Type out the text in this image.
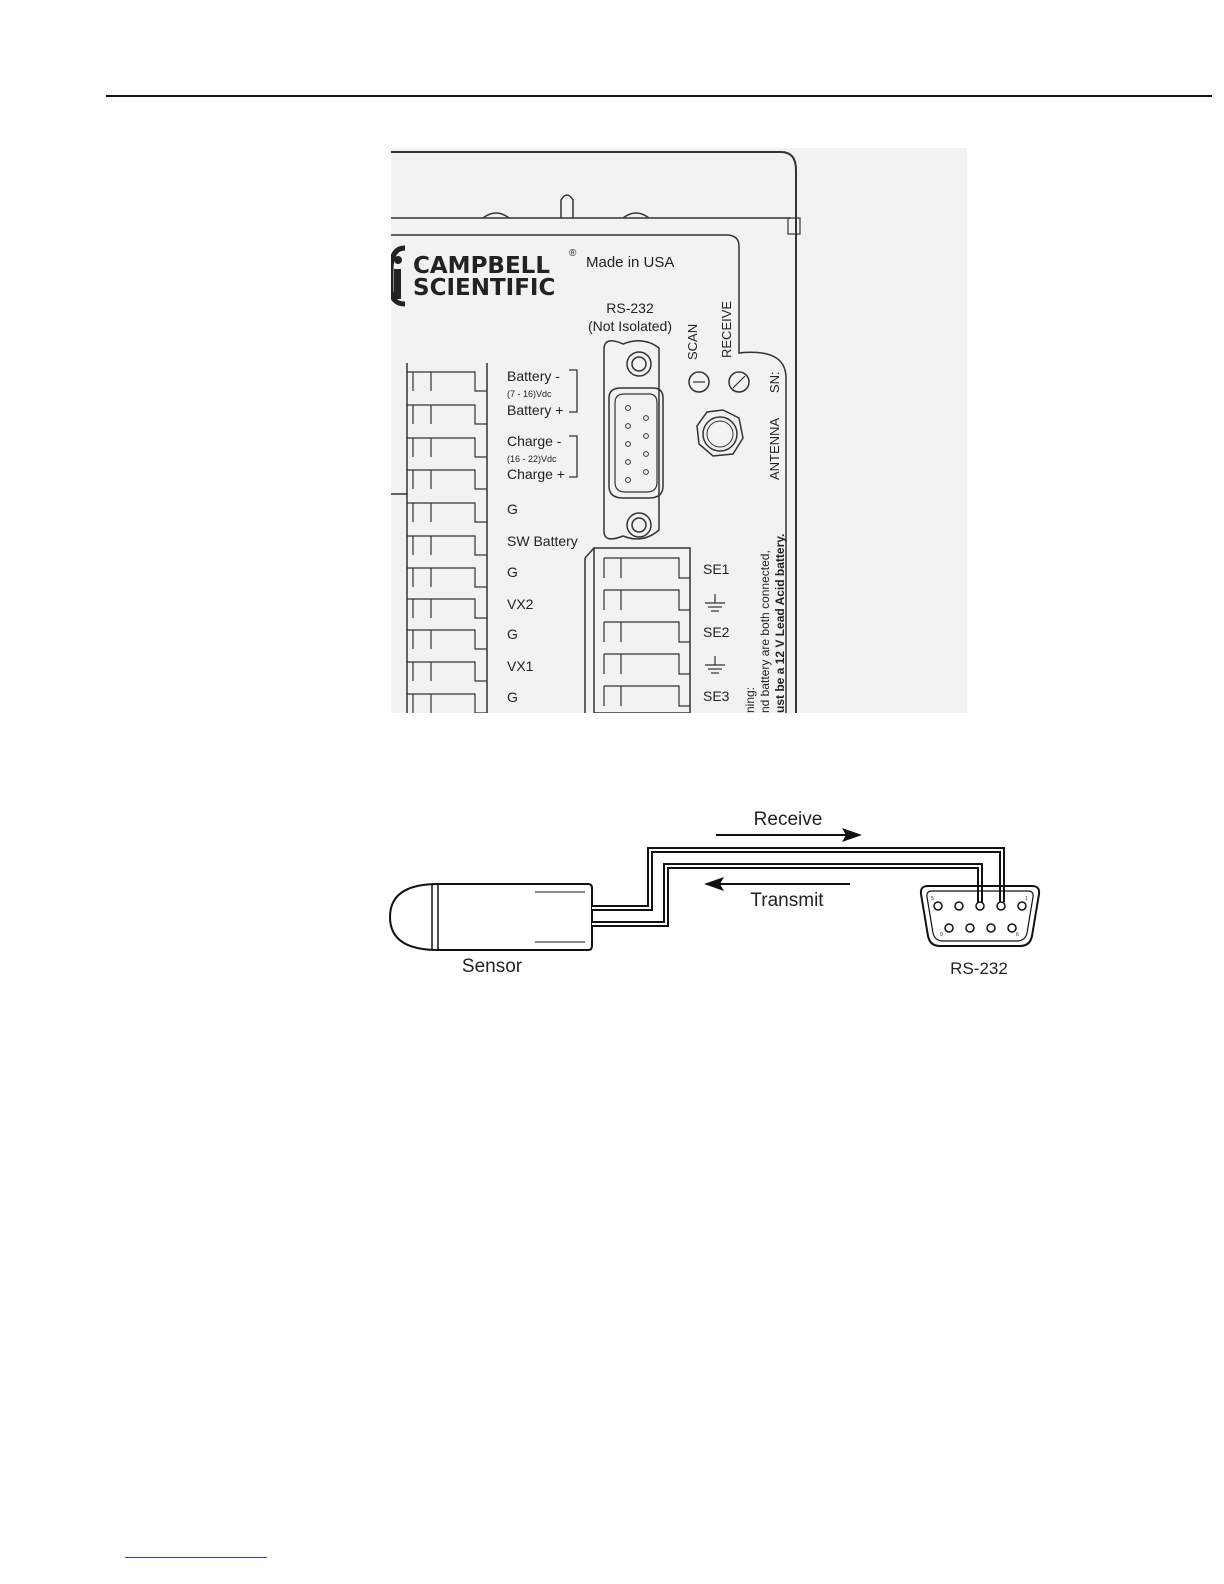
CAMPBELL
SCIENTIFIC
®
Made in USA
RS-232
(Not Isolated) SCAN RECEIVE
SN:
ANTENNA
Battery -
(7 - 16)Vdc
Battery +
Charge -
(16 - 22)Vdc
Charge +
G
SW Battery
G
VX2
G
VX1
G
SE1
SE2
SE3 ning: nd battery are both connected, ust be a 12 V Lead Acid battery.
Sensor
Receive
Transmit	5	1
9	6
RS-232
